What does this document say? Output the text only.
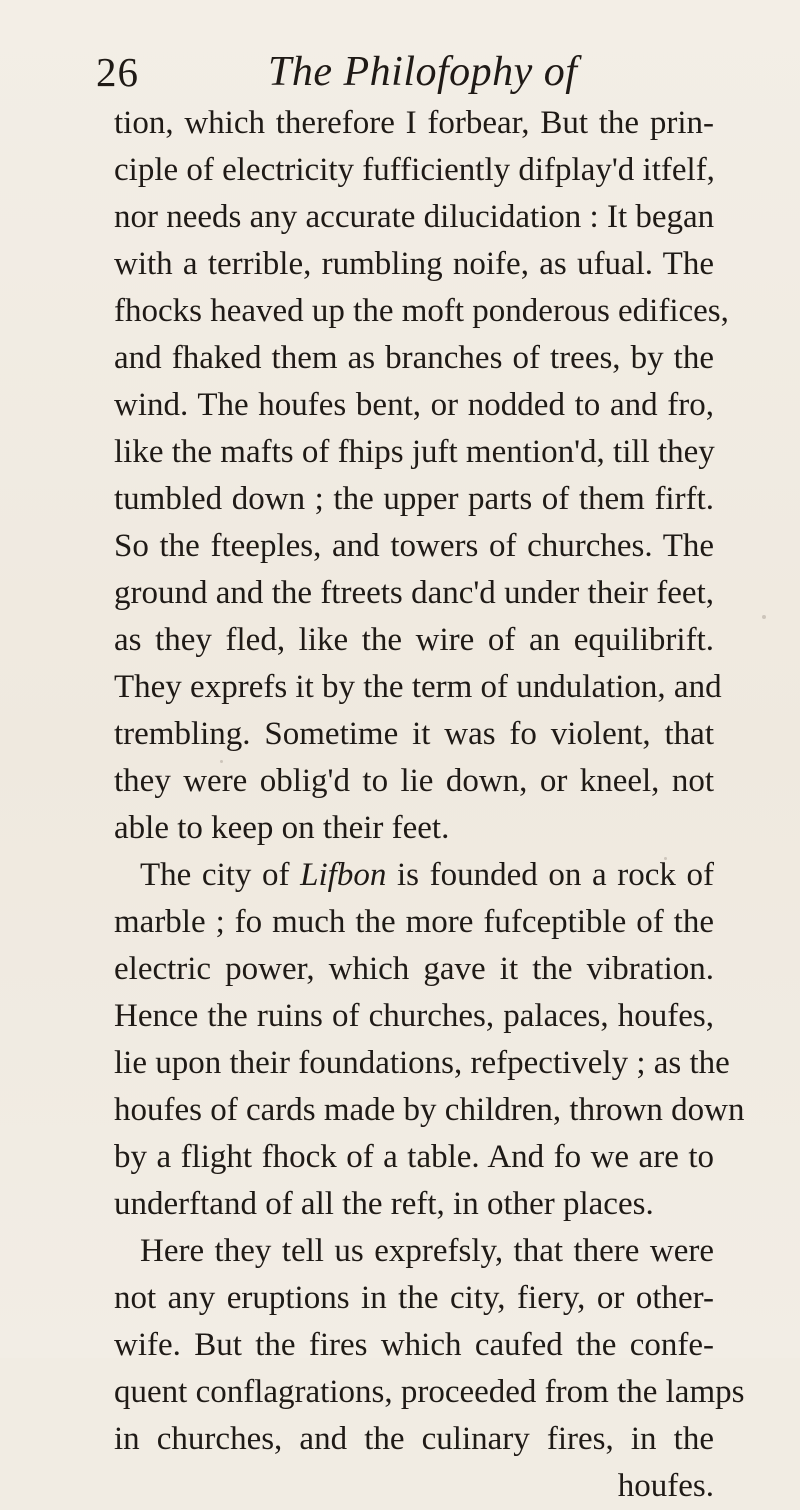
26	The Philofophy of
tion, which therefore I forbear, But the prin-
ciple of electricity fufficiently difplay'd itfelf,
nor needs any accurate dilucidation : It began
with a terrible, rumbling noife, as ufual. The
fhocks heaved up the moft ponderous edifices,
and fhaked them as branches of trees, by the
wind. The houfes bent, or nodded to and fro,
like the mafts of fhips juft mention'd, till they
tumbled down ; the upper parts of them firft.
So the fteeples, and towers of churches. The
ground and the ftreets danc'd under their feet,
as they fled, like the wire of an equilibrift.
They exprefs it by the term of undulation, and
trembling. Sometime it was fo violent, that
they were oblig'd to lie down, or kneel, not
able to keep on their feet.
The city of Lifbon is founded on a rock of
marble ; fo much the more fufceptible of the
electric power, which gave it the vibration.
Hence the ruins of churches, palaces, houfes,
lie upon their foundations, refpectively ; as the
houfes of cards made by children, thrown down
by a flight fhock of a table. And fo we are to
underftand of all the reft, in other places.
Here they tell us exprefsly, that there were
not any eruptions in the city, fiery, or other-
wife. But the fires which caufed the confe-
quent conflagrations, proceeded from the lamps
in churches, and the culinary fires, in the
houfes.
